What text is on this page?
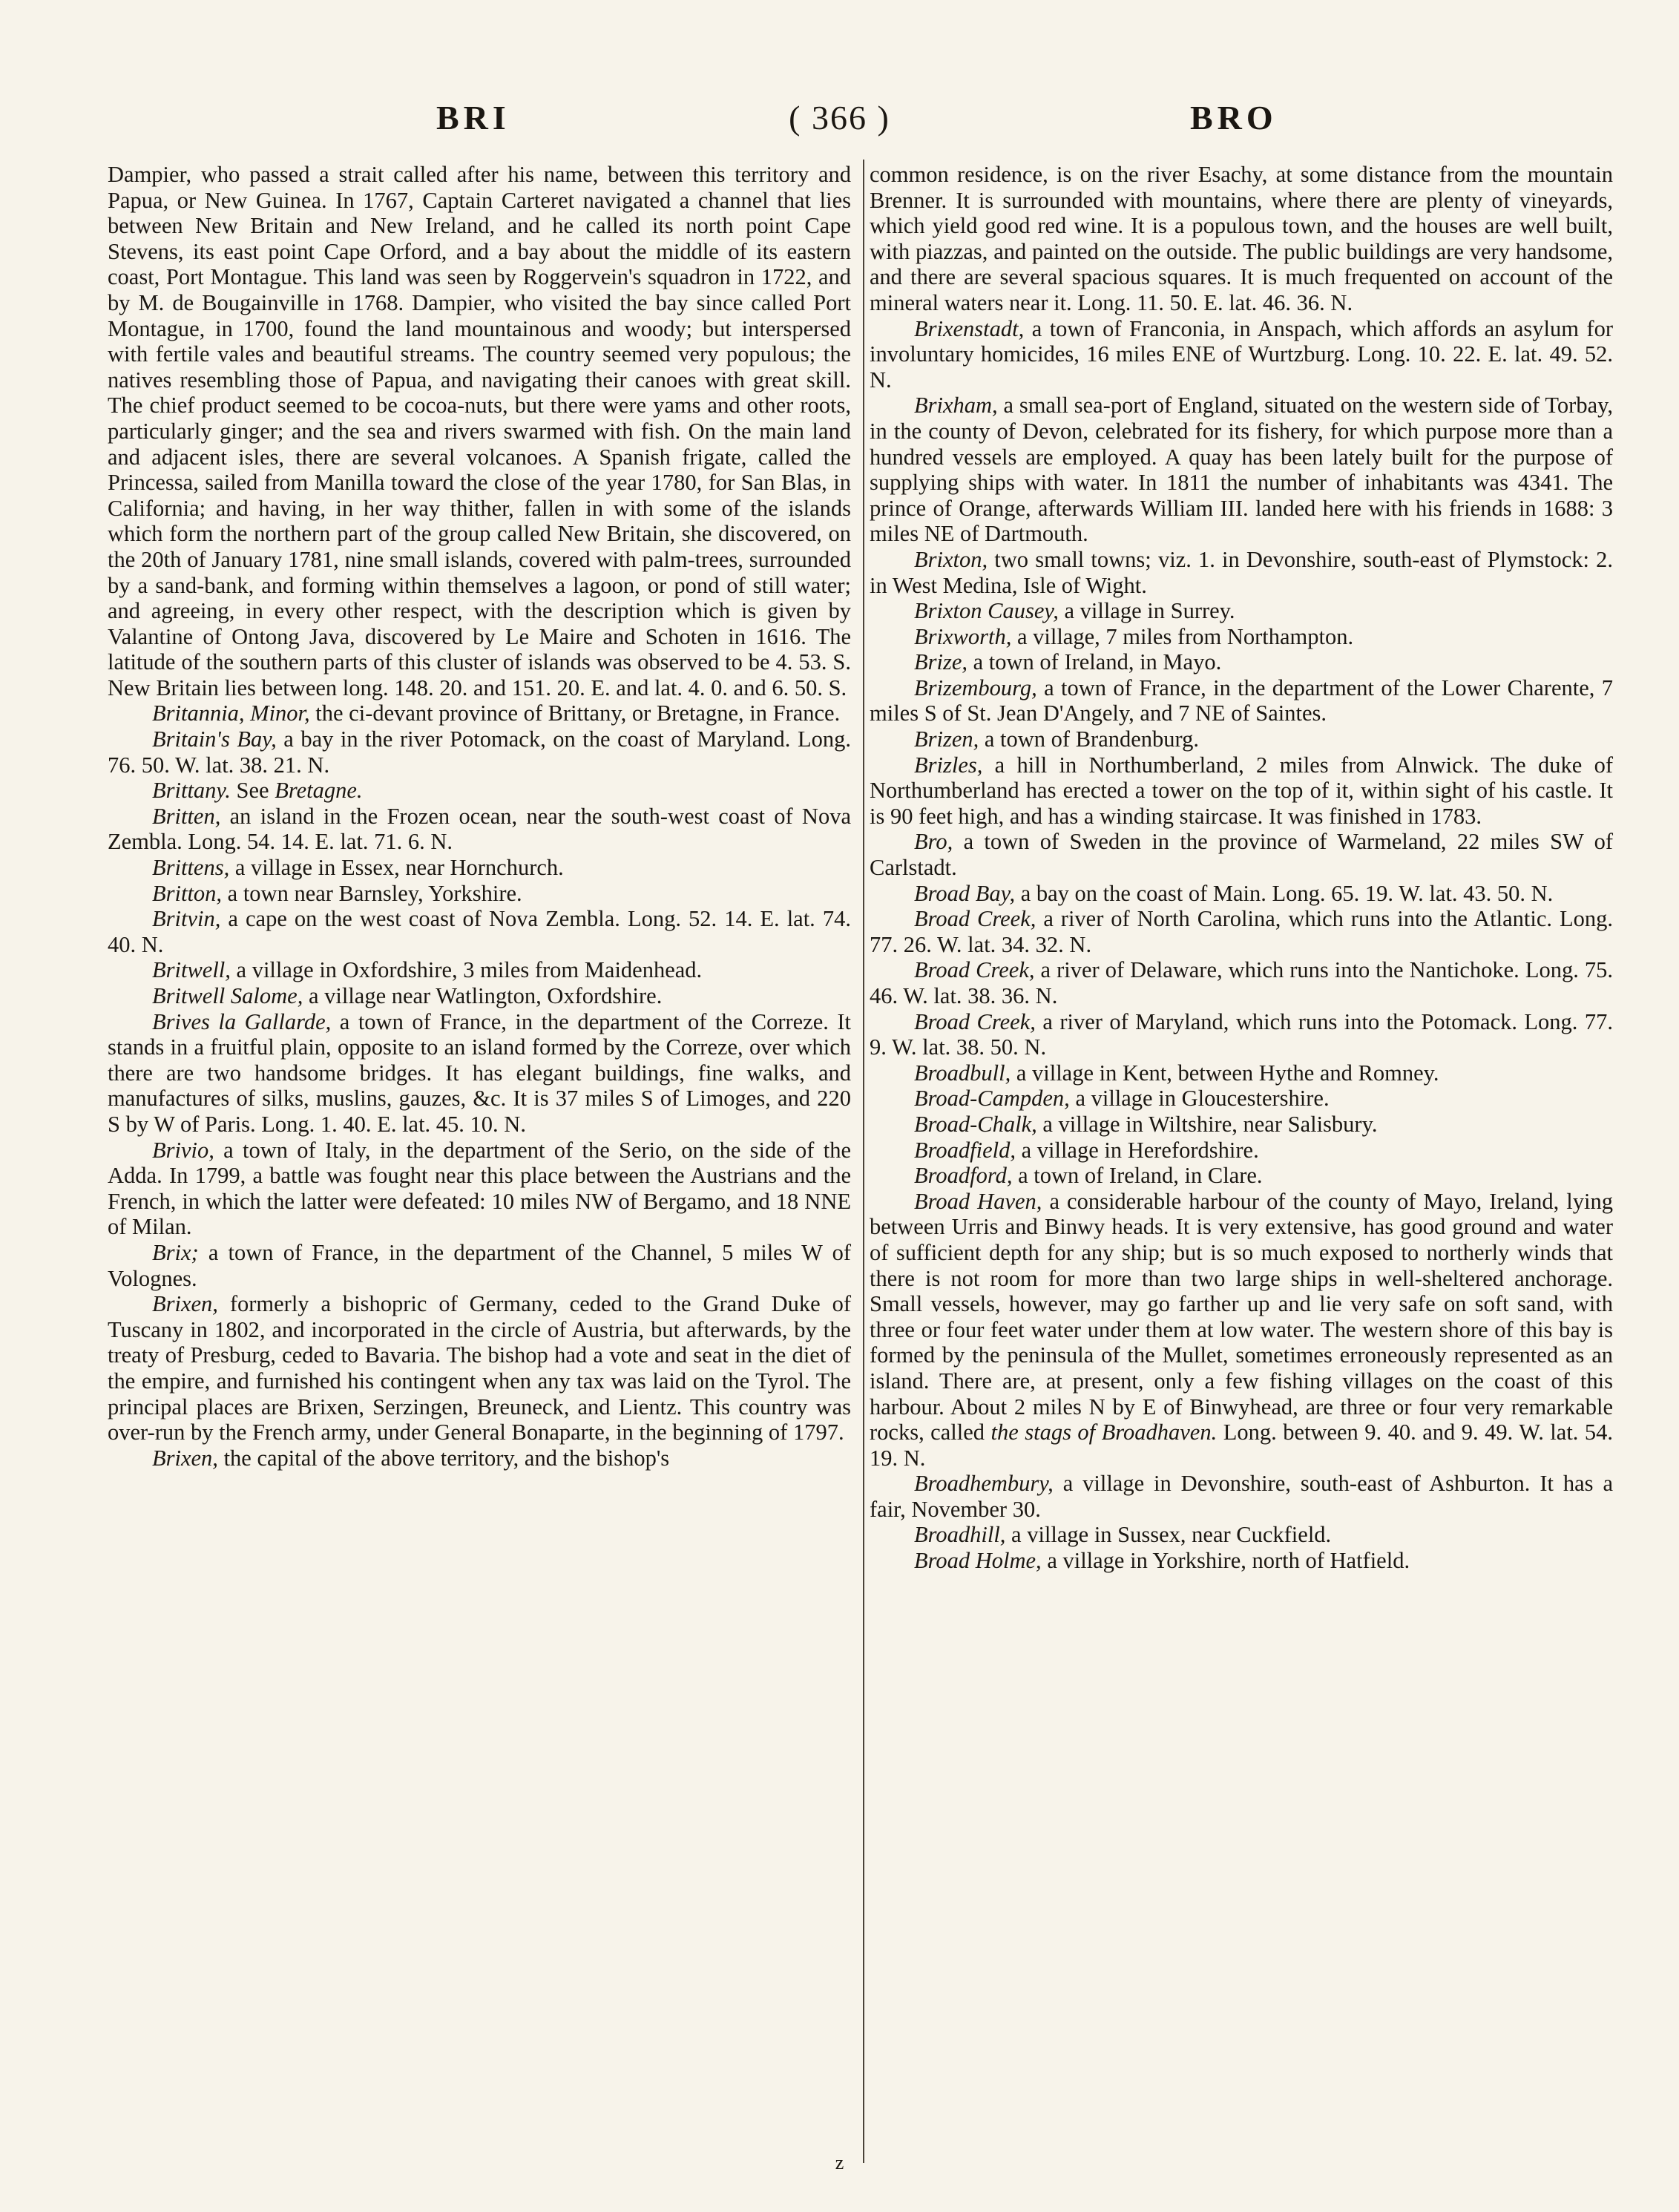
BRI	( 366 )	BRO

Dampier, who passed a strait called after his name, between this territory and Papua, or New Guinea. In 1767, Captain Carteret navigated a channel that lies between New Britain and New Ireland, and he called its north point Cape Stevens, its east point Cape Orford, and a bay about the middle of its eastern coast, Port Montague. This land was seen by Roggervein's squadron in 1722, and by M. de Bougainville in 1768. Dampier, who visited the bay since called Port Montague, in 1700, found the land mountainous and woody; but interspersed with fertile vales and beautiful streams. The country seemed very populous; the natives resembling those of Papua, and navigating their canoes with great skill. The chief product seemed to be cocoa-nuts, but there were yams and other roots, particularly ginger; and the sea and rivers swarmed with fish. On the main land and adjacent isles, there are several volcanoes. A Spanish frigate, called the Princessa, sailed from Manilla toward the close of the year 1780, for San Blas, in California; and having, in her way thither, fallen in with some of the islands which form the northern part of the group called New Britain, she discovered, on the 20th of January 1781, nine small islands, covered with palm-trees, surrounded by a sand-bank, and forming within themselves a lagoon, or pond of still water; and agreeing, in every other respect, with the description which is given by Valantine of Ontong Java, discovered by Le Maire and Schoten in 1616. The latitude of the southern parts of this cluster of islands was observed to be 4. 53. S. New Britain lies between long. 148. 20. and 151. 20. E. and lat. 4. 0. and 6. 50. S.

Britannia, Minor, the ci-devant province of Brittany, or Bretagne, in France.

Britain's Bay, a bay in the river Potomack, on the coast of Maryland. Long. 76. 50. W. lat. 38. 21. N.

Brittany. See Bretagne.

Britten, an island in the Frozen ocean, near the south-west coast of Nova Zembla. Long. 54. 14. E. lat. 71. 6. N.

Brittens, a village in Essex, near Hornchurch.

Britton, a town near Barnsley, Yorkshire.

Britvin, a cape on the west coast of Nova Zembla. Long. 52. 14. E. lat. 74. 40. N.

Britwell, a village in Oxfordshire, 3 miles from Maidenhead.

Britwell Salome, a village near Watlington, Oxfordshire.

Brives la Gallarde, a town of France, in the department of the Correze. It stands in a fruitful plain, opposite to an island formed by the Correze, over which there are two handsome bridges. It has elegant buildings, fine walks, and manufactures of silks, muslins, gauzes, &c. It is 37 miles S of Limoges, and 220 S by W of Paris. Long. 1. 40. E. lat. 45. 10. N.

Brivio, a town of Italy, in the department of the Serio, on the side of the Adda. In 1799, a battle was fought near this place between the Austrians and the French, in which the latter were defeated: 10 miles NW of Bergamo, and 18 NNE of Milan.

Brix; a town of France, in the department of the Channel, 5 miles W of Volognes.

Brixen, formerly a bishopric of Germany, ceded to the Grand Duke of Tuscany in 1802, and incorporated in the circle of Austria, but afterwards, by the treaty of Presburg, ceded to Bavaria. The bishop had a vote and seat in the diet of the empire, and furnished his contingent when any tax was laid on the Tyrol. The principal places are Brixen, Serzingen, Breuneck, and Lientz. This country was over-run by the French army, under General Bonaparte, in the beginning of 1797.

Brixen, the capital of the above territory, and the bishop's

common residence, is on the river Esachy, at some distance from the mountain Brenner. It is surrounded with mountains, where there are plenty of vineyards, which yield good red wine. It is a populous town, and the houses are well built, with piazzas, and painted on the outside. The public buildings are very handsome, and there are several spacious squares. It is much frequented on account of the mineral waters near it. Long. 11. 50. E. lat. 46. 36. N.

Brixenstadt, a town of Franconia, in Anspach, which affords an asylum for involuntary homicides, 16 miles ENE of Wurtzburg. Long. 10. 22. E. lat. 49. 52. N.

Brixham, a small sea-port of England, situated on the western side of Torbay, in the county of Devon, celebrated for its fishery, for which purpose more than a hundred vessels are employed. A quay has been lately built for the purpose of supplying ships with water. In 1811 the number of inhabitants was 4341. The prince of Orange, afterwards William III. landed here with his friends in 1688: 3 miles NE of Dartmouth.

Brixton, two small towns; viz. 1. in Devonshire, south-east of Plymstock: 2. in West Medina, Isle of Wight.

Brixton Causey, a village in Surrey.

Brixworth, a village, 7 miles from Northampton.

Brize, a town of Ireland, in Mayo.

Brizembourg, a town of France, in the department of the Lower Charente, 7 miles S of St. Jean D'Angely, and 7 NE of Saintes.

Brizen, a town of Brandenburg.

Brizles, a hill in Northumberland, 2 miles from Alnwick. The duke of Northumberland has erected a tower on the top of it, within sight of his castle. It is 90 feet high, and has a winding staircase. It was finished in 1783.

Bro, a town of Sweden in the province of Warmeland, 22 miles SW of Carlstadt.

Broad Bay, a bay on the coast of Main. Long. 65. 19. W. lat. 43. 50. N.

Broad Creek, a river of North Carolina, which runs into the Atlantic. Long. 77. 26. W. lat. 34. 32. N.

Broad Creek, a river of Delaware, which runs into the Nantichoke. Long. 75. 46. W. lat. 38. 36. N.

Broad Creek, a river of Maryland, which runs into the Potomack. Long. 77. 9. W. lat. 38. 50. N.

Broadbull, a village in Kent, between Hythe and Romney.

Broad-Campden, a village in Gloucestershire.

Broad-Chalk, a village in Wiltshire, near Salisbury.

Broadfield, a village in Herefordshire.

Broadford, a town of Ireland, in Clare.

Broad Haven, a considerable harbour of the county of Mayo, Ireland, lying between Urris and Binwy heads. It is very extensive, has good ground and water of sufficient depth for any ship; but is so much exposed to northerly winds that there is not room for more than two large ships in well-sheltered anchorage. Small vessels, however, may go farther up and lie very safe on soft sand, with three or four feet water under them at low water. The western shore of this bay is formed by the peninsula of the Mullet, sometimes erroneously represented as an island. There are, at present, only a few fishing villages on the coast of this harbour. About 2 miles N by E of Binwyhead, are three or four very remarkable rocks, called the stags of Broadhaven. Long. between 9. 40. and 9. 49. W. lat. 54. 19. N.

Broadhembury, a village in Devonshire, south-east of Ashburton. It has a fair, November 30.

Broadhill, a village in Sussex, near Cuckfield.

Broad Holme, a village in Yorkshire, north of Hatfield.

z
